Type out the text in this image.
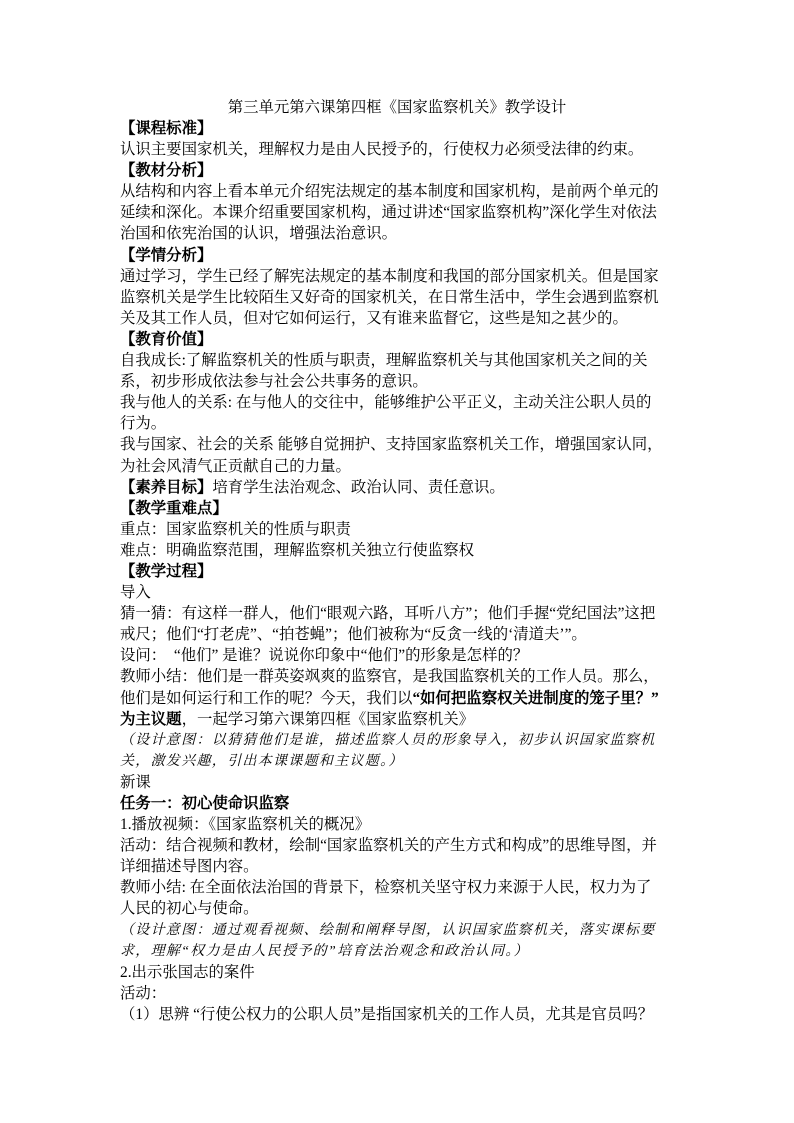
第三单元第六课第四框《国家监察机关》教学设计
【课程标准】
认识主要国家机关，理解权力是由人民授予的，行使权力必须受法律的约束。
【教材分析】
从结构和内容上看本单元介绍宪法规定的基本制度和国家机构，是前两个单元的
延续和深化。本课介绍重要国家机构，通过讲述“国家监察机构”深化学生对依法
治国和依宪治国的认识，增强法治意识。
【学情分析】
通过学习，学生已经了解宪法规定的基本制度和我国的部分国家机关。但是国家
监察机关是学生比较陌生又好奇的国家机关，在日常生活中，学生会遇到监察机
关及其工作人员，但对它如何运行，又有谁来监督它，这些是知之甚少的。
【教育价值】
自我成长:了解监察机关的性质与职责，理解监察机关与其他国家机关之间的关
系，初步形成依法参与社会公共事务的意识。
我与他人的关系: 在与他人的交往中，能够维护公平正义，主动关注公职人员的
行为。
我与国家、社会的关系 能够自觉拥护、支持国家监察机关工作，增强国家认同，
为社会风清气正贡献自己的力量。
【素养目标】培育学生法治观念、政治认同、责任意识。
【教学重难点】
重点：国家监察机关的性质与职责
难点：明确监察范围，理解监察机关独立行使监察权
【教学过程】
导入
猜一猜：有这样一群人，他们“眼观六路，耳听八方”；他们手握“党纪国法”这把
戒尺；他们“打老虎”、“拍苍蝇”；他们被称为“反贪一线的‘清道夫’”。
设问：  “他们” 是谁？说说你印象中“他们”的形象是怎样的？
教师小结：他们是一群英姿飒爽的监察官，是我国监察机关的工作人员。那么，
他们是如何运行和工作的呢？今天，我们以“如何把监察权关进制度的笼子里？”
为主议题，一起学习第六课第四框《国家监察机关》
（设计意图：以猜猜他们是谁，描述监察人员的形象导入，初步认识国家监察机
关，激发兴趣，引出本课课题和主议题。）
新课
任务一：初心使命识监察
1.播放视频：《国家监察机关的概况》
活动：结合视频和教材，绘制“国家监察机关的产生方式和构成”的思维导图，并
详细描述导图内容。
教师小结: 在全面依法治国的背景下，检察机关坚守权力来源于人民，权力为了
人民的初心与使命。
（设计意图：通过观看视频、绘制和阐释导图，认识国家监察机关，落实课标要
求，理解“权力是由人民授予的”培育法治观念和政治认同。）
2.出示张国志的案件
活动：
（1）思辨 “行使公权力的公职人员”是指国家机关的工作人员，尤其是官员吗？
